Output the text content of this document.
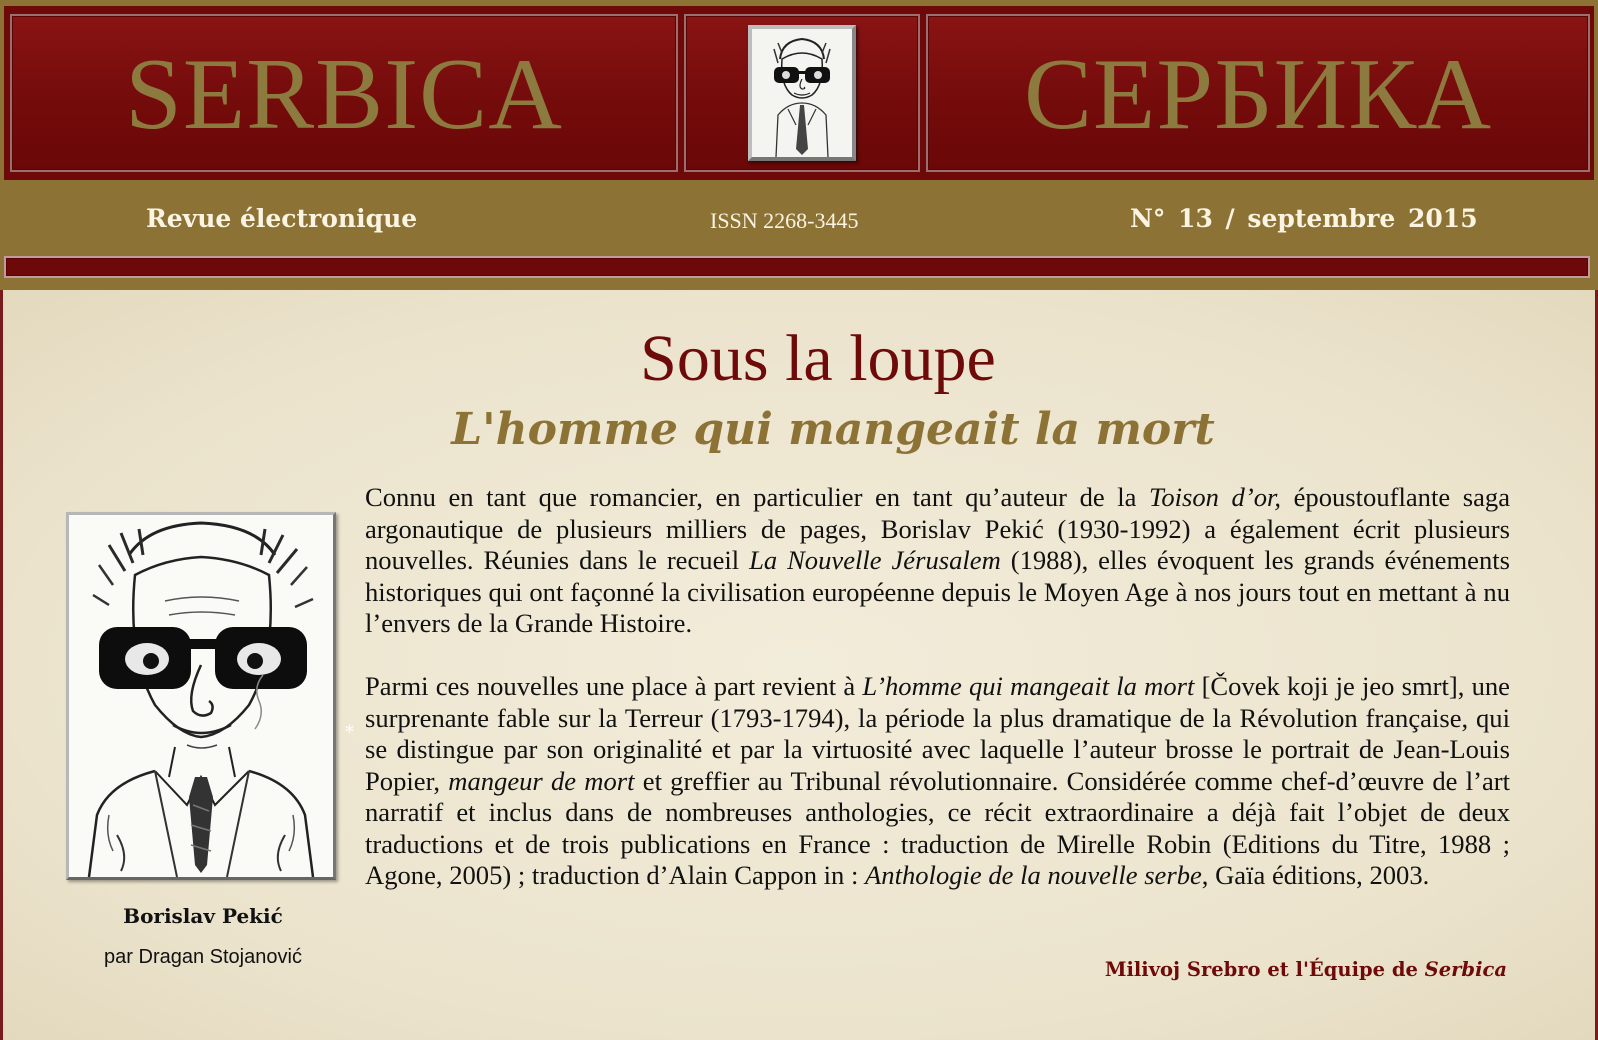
SERBICA	СЕРБИКА
Revue électronique	ISSN 2268-3445	N° 13 / septembre 2015
Sous la loupe
L'homme qui mangeait la mort
Borislav Pekić
par Dragan Stojanović
*

Connu en tant que romancier, en particulier en tant qu’auteur de la Toison d’or, époustouflante saga argonautique de plusieurs milliers de pages, Borislav Pekić (1930-1992) a également écrit plusieurs nouvelles. Réunies dans le recueil La Nouvelle Jérusalem (1988), elles évoquent les grands événements historiques qui ont façonné la civilisation européenne depuis le Moyen Age à nos jours tout en mettant à nu l’envers de la Grande Histoire.

Parmi ces nouvelles une place à part revient à L’homme qui mangeait la mort [Čovek koji je jeo smrt], une surprenante fable sur la Terreur (1793-1794), la période la plus dramatique de la Révolution française, qui se distingue par son originalité et par la virtuosité avec laquelle l’auteur brosse le portrait de Jean-Louis Popier, mangeur de mort et greffier au Tribunal révolutionnaire. Considérée comme chef-d’œuvre de l’art narratif et inclus dans de nombreuses anthologies, ce récit extraordinaire a déjà fait l’objet de deux traductions et de trois publications en France : traduction de Mirelle Robin (Editions du Titre, 1988 ; Agone, 2005) ; traduction d’Alain Cappon in : Anthologie de la nouvelle serbe, Gaïa éditions, 2003.

Milivoj Srebro et l'Équipe de Serbica
